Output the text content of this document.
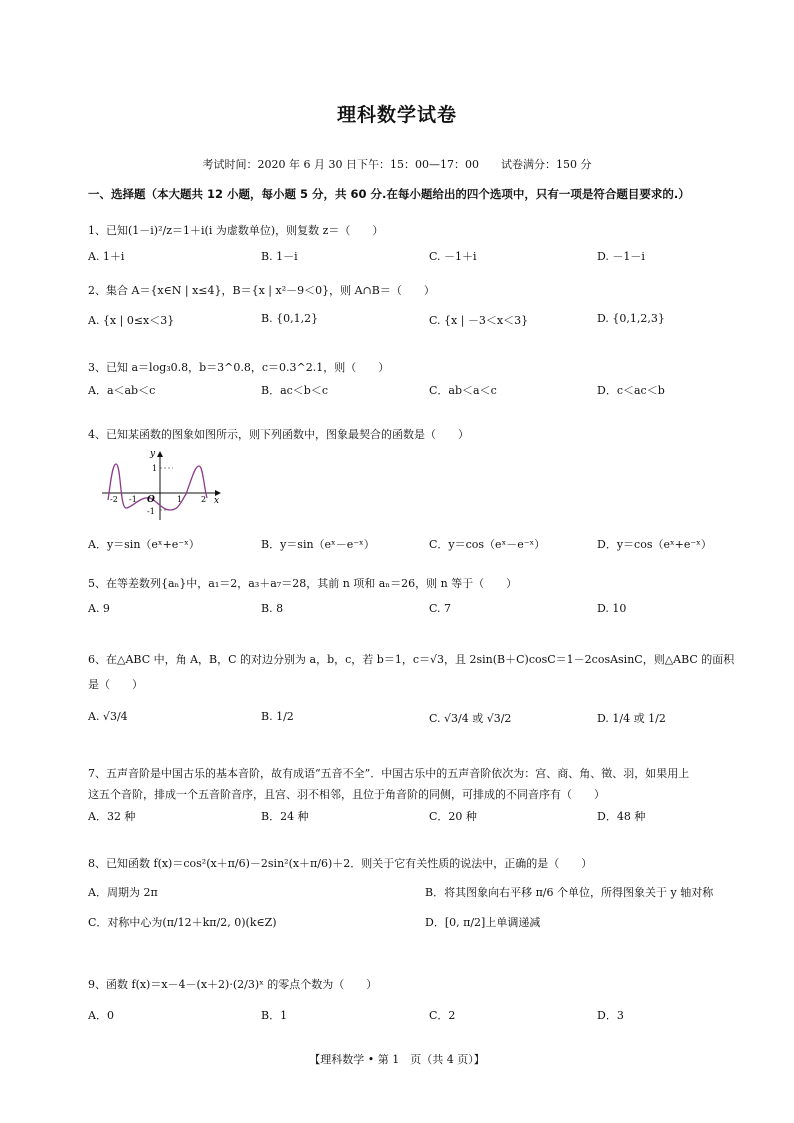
理科数学试卷
考试时间：2020 年 6 月 30 日下午：15：00—17：00　　试卷满分：150 分
一、选择题（本大题共 12 小题，每小题 5 分，共 60 分.在每小题给出的四个选项中，只有一项是符合题目要求的.）
1、已知(1－i)²/z＝1＋i(i 为虚数单位)，则复数 z＝（　　）
A. 1＋i	B. 1－i	C. －1＋i	D. －1－i
2、集合 A＝{x∈N | x≤4}，B＝{x | x²－9＜0}，则 A∩B＝（　　）
A. {x | 0≤x＜3}	B. {0,1,2}	C. {x | －3＜x＜3}	D. {0,1,2,3}
3、已知 a＝log₃0.8，b＝3^0.8，c＝0.3^2.1，则（　　）
A．a＜ab＜c	B．ac＜b＜c	C．ab＜a＜c	D．c＜ac＜b
4、已知某函数的图象如图所示，则下列函数中，图象最契合的函数是（　　）
y
x
O
1
-1
-2 -1	1 2
A．y＝sin（eˣ+e⁻ˣ）	B．y＝sin（eˣ－e⁻ˣ）	C．y＝cos（eˣ－e⁻ˣ）	D．y＝cos（eˣ+e⁻ˣ）
5、在等差数列{aₙ}中，a₁＝2，a₃＋a₇＝28，其前 n 项和 aₙ＝26，则 n 等于（　　）
A. 9	B. 8	C. 7	D. 10
6、在△ABC 中，角 A，B，C 的对边分别为 a，b，c，若 b＝1，c＝√3，且 2sin(B＋C)cosC＝1－2cosAsinC，则△ABC 的面积
是（　　）
A. √3/4	B. 1/2	C. √3/4 或 √3/2	D. 1/4 或 1/2
7、五声音阶是中国古乐的基本音阶，故有成语“五音不全”．中国古乐中的五声音阶依次为：宫、商、角、徵、羽，如果用上
这五个音阶，排成一个五音阶音序，且宫、羽不相邻，且位于角音阶的同侧，可排成的不同音序有（　　）
A．32 种	B．24 种	C．20 种	D．48 种
8、已知函数 f(x)＝cos²(x＋π/6)－2sin²(x＋π/6)＋2．则关于它有关性质的说法中，正确的是（　　）
A．周期为 2π	B．将其图象向右平移 π/6 个单位，所得图象关于 y 轴对称
C．对称中心为(π/12＋kπ/2, 0)(k∈Z)	D．[0, π/2]上单调递减
9、函数 f(x)＝x－4－(x＋2)·(2/3)ˣ 的零点个数为（　　）
A．0	B．1	C．2	D．3
【理科数学 • 第 1　页（共 4 页）】
